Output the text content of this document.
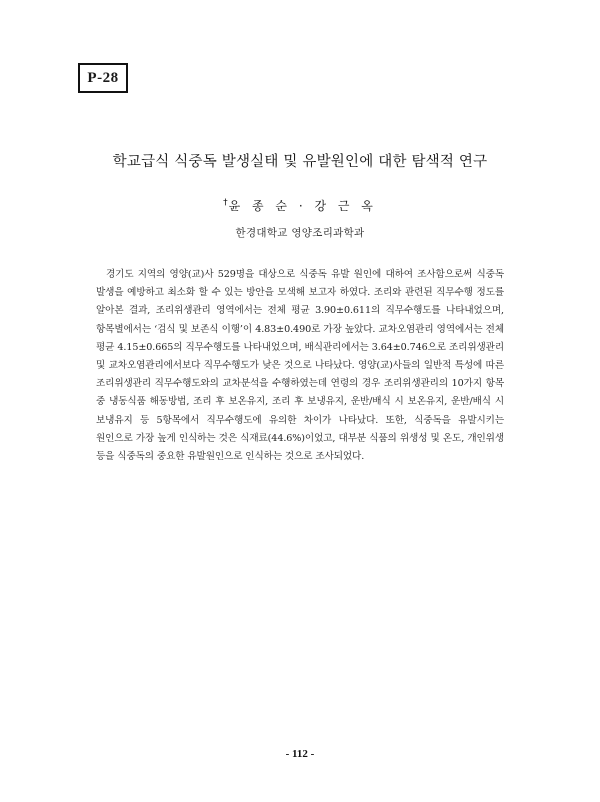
P-28
학교급식 식중독 발생실태 및 유발원인에 대한 탐색적 연구
†윤 종 순 · 강 근 옥
한경대학교 영양조리과학과

경기도 지역의 영양(교)사 529명을 대상으로 식중독 유발 원인에 대하여 조사함으로써 식중독 발생을 예방하고 최소화 할 수 있는 방안을 모색해 보고자 하였다. 조리와 관련된 직무수행 정도를 알아본 결과, 조리위생관리 영역에서는 전체 평균 3.90±0.611의 직무수행도를 나타내었으며, 항목별에서는 ‘검식 및 보존식 이행’이 4.83±0.490로 가장 높았다. 교차오염관리 영역에서는 전체 평균 4.15±0.665의 직무수행도를 나타내었으며, 배식관리에서는 3.64±0.746으로 조리위생관리 및 교차오염관리에서보다 직무수행도가 낮은 것으로 나타났다. 영양(교)사들의 일반적 특성에 따른 조리위생관리 직무수행도와의 교차분석을 수행하였는데 연령의 경우 조리위생관리의 10가지 항목 중 냉동식품 해동방법, 조리 후 보온유지, 조리 후 보냉유지, 운반/배식 시 보온유지, 운반/배식 시 보냉유지 등 5항목에서 직무수행도에 유의한 차이가 나타났다. 또한, 식중독을 유발시키는 원인으로 가장 높게 인식하는 것은 식재료(44.6%)이었고, 대부분 식품의 위생성 및 온도, 개인위생 등을 식중독의 중요한 유발원인으로 인식하는 것으로 조사되었다.

- 112 -
